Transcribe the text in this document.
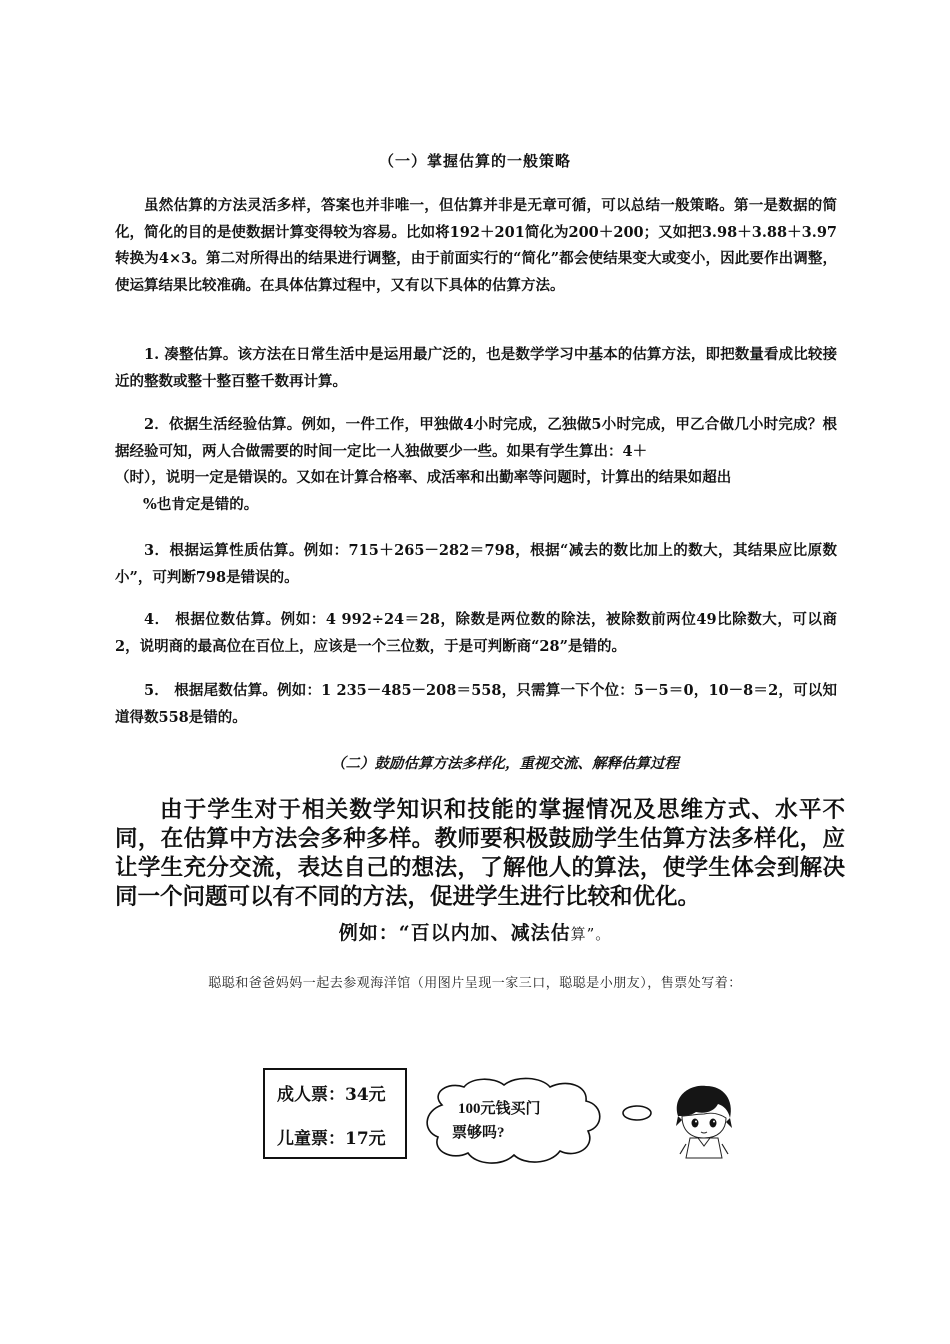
（一）掌握估算的一般策略

虽然估算的方法灵活多样，答案也并非唯一，但估算并非是无章可循，可以总结一般策略。第一是数据的简化，简化的目的是使数据计算变得较为容易。比如将192＋201简化为200＋200；又如把3.98＋3.88＋3.97转换为4×3。第二对所得出的结果进行调整，由于前面实行的“简化”都会使结果变大或变小，因此要作出调整，使运算结果比较准确。在具体估算过程中，又有以下具体的估算方法。

1. 凑整估算。该方法在日常生活中是运用最广泛的，也是数学学习中基本的估算方法，即把数量看成比较接近的整数或整十整百整千数再计算。

2．依据生活经验估算。例如，一件工作，甲独做4小时完成，乙独做5小时完成，甲乙合做几小时完成？根据经验可知，两人合做需要的时间一定比一人独做要少一些。如果有学生算出：4＋

（时），说明一定是错误的。又如在计算合格率、成活率和出勤率等问题时，计算出的结果如超出

%也肯定是错的。

3．根据运算性质估算。例如：715＋265－282＝798，根据“减去的数比加上的数大，其结果应比原数小”，可判断798是错误的。

4． 根据位数估算。例如：4 992÷24＝28，除数是两位数的除法，被除数前两位49比除数大，可以商2，说明商的最高位在百位上，应该是一个三位数，于是可判断商“28”是错的。

5． 根据尾数估算。例如：1 235－485－208＝558，只需算一下个位：5－5＝0，10－8＝2，可以知道得数558是错的。

（二）鼓励估算方法多样化，重视交流、解释估算过程

由于学生对于相关数学知识和技能的掌握情况及思维方式、水平不同，在估算中方法会多种多样。教师要积极鼓励学生估算方法多样化，应让学生充分交流，表达自己的想法，了解他人的算法，使学生体会到解决同一个问题可以有不同的方法，促进学生进行比较和优化。

例如：“百以内加、减法估算”。
聪聪和爸爸妈妈一起去参观海洋馆（用图片呈现一家三口，聪聪是小朋友），售票处写着：
成人票：34元
儿童票：17元
100元钱买门
票够吗?
